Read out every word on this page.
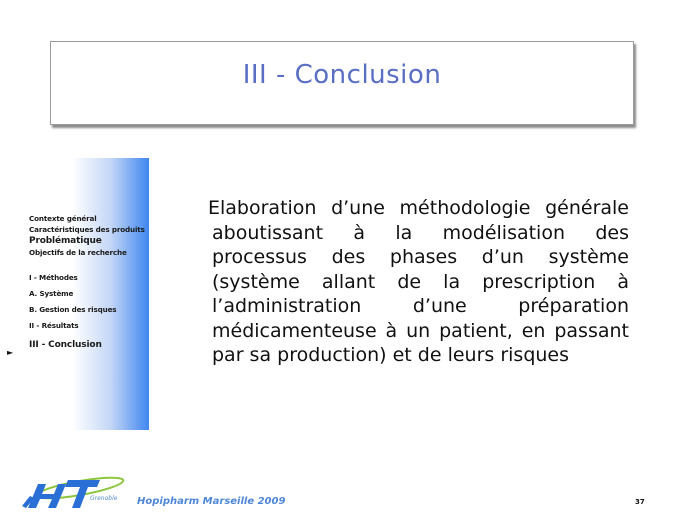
III - Conclusion
Contexte général
Caractéristiques des produits
Problématique
Objectifs de la recherche
I - Méthodes
A. Système
B. Gestion des risques
II - Résultats
III - Conclusion
►
Elaboration d’une méthodologie générale aboutissant à la modélisation des processus des phases d’un système (système allant de la prescription à l’administration d’une préparation médicamenteuse à un patient, en passant par sa production) et de leurs risques
Grenoble Hopipharm Marseille 2009	37
